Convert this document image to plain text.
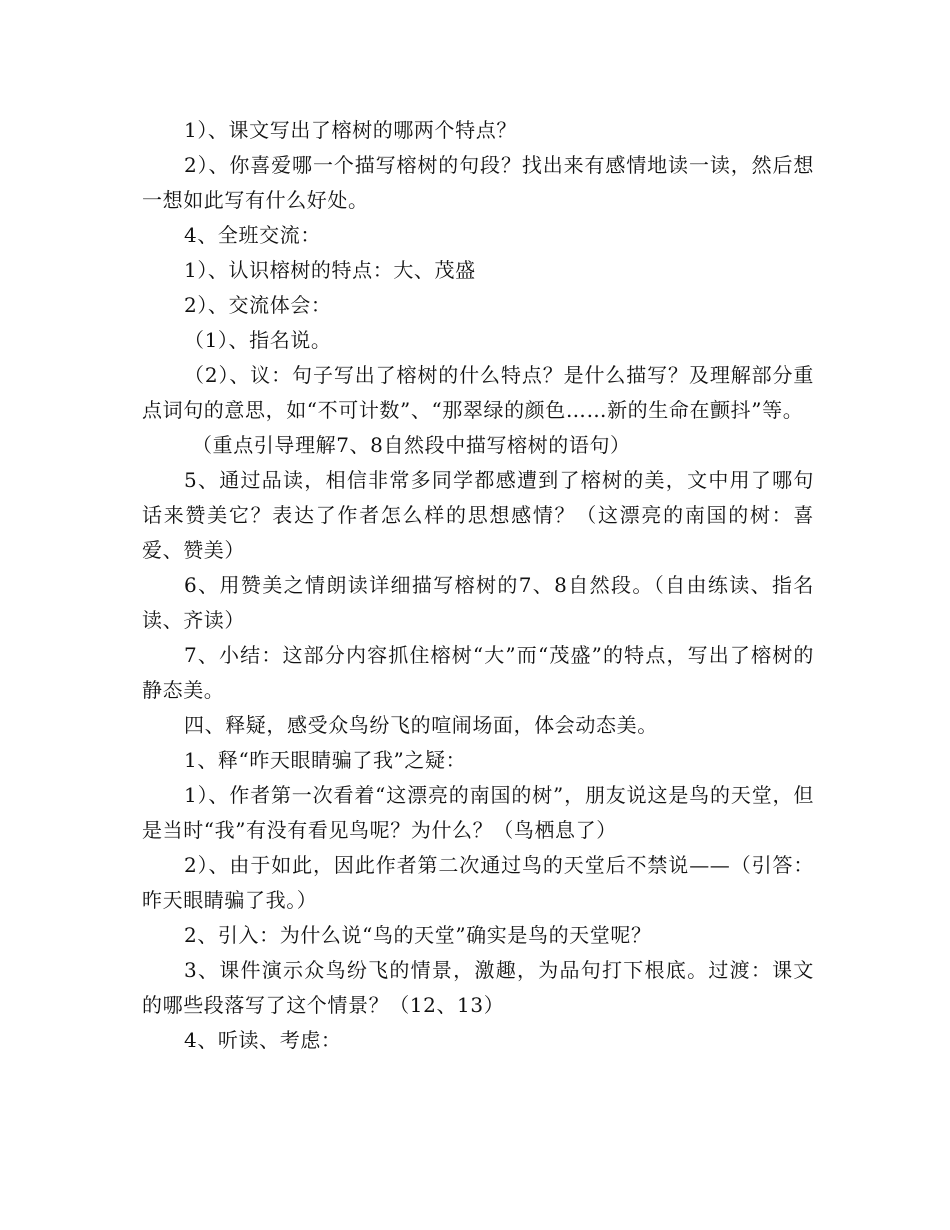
1）、课文写出了榕树的哪两个特点？

2）、你喜爱哪一个描写榕树的句段？找出来有感情地读一读，然后想一想如此写有什么好处。

4、全班交流：

1）、认识榕树的特点：大、茂盛

2）、交流体会：

（1）、指名说。

（2）、议：句子写出了榕树的什么特点？是什么描写？及理解部分重点词句的意思，如“不可计数”、“那翠绿的颜色……新的生命在颤抖”等。

（重点引导理解7、8自然段中描写榕树的语句）

5、通过品读，相信非常多同学都感遭到了榕树的美，文中用了哪句话来赞美它？表达了作者怎么样的思想感情？（这漂亮的南国的树：喜爱、赞美）

6、用赞美之情朗读详细描写榕树的7、8自然段。（自由练读、指名读、齐读）

7、小结：这部分内容抓住榕树“大”而“茂盛”的特点，写出了榕树的静态美。

四、释疑，感受众鸟纷飞的喧闹场面，体会动态美。

1、释“昨天眼睛骗了我”之疑：

1）、作者第一次看着“这漂亮的南国的树”，朋友说这是鸟的天堂，但是当时“我”有没有看见鸟呢？为什么？（鸟栖息了）

2）、由于如此，因此作者第二次通过鸟的天堂后不禁说——（引答：昨天眼睛骗了我。）

2、引入：为什么说“鸟的天堂”确实是鸟的天堂呢？

3、课件演示众鸟纷飞的情景，激趣，为品句打下根底。过渡：课文的哪些段落写了这个情景？（12、13）

4、听读、考虑：
